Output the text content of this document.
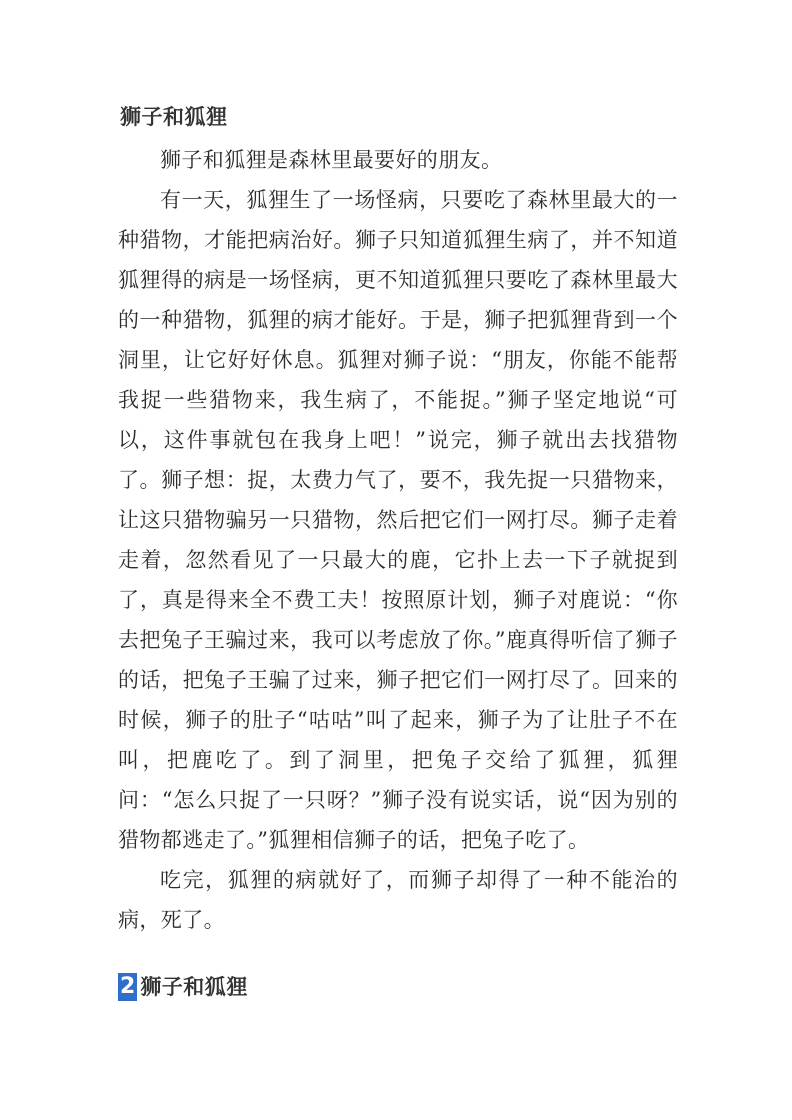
狮子和狐狸

狮子和狐狸是森林里最要好的朋友。

有一天，狐狸生了一场怪病，只要吃了森林里最大的一种猎物，才能把病治好。狮子只知道狐狸生病了，并不知道狐狸得的病是一场怪病，更不知道狐狸只要吃了森林里最大的一种猎物，狐狸的病才能好。于是，狮子把狐狸背到一个洞里，让它好好休息。狐狸对狮子说：“朋友，你能不能帮我捉一些猎物来，我生病了，不能捉。”狮子坚定地说“可以，这件事就包在我身上吧！”说完，狮子就出去找猎物了。狮子想：捉，太费力气了，要不，我先捉一只猎物来，让这只猎物骗另一只猎物，然后把它们一网打尽。狮子走着走着，忽然看见了一只最大的鹿，它扑上去一下子就捉到了，真是得来全不费工夫！按照原计划，狮子对鹿说：“你去把兔子王骗过来，我可以考虑放了你。”鹿真得听信了狮子的话，把兔子王骗了过来，狮子把它们一网打尽了。回来的时候，狮子的肚子“咕咕”叫了起来，狮子为了让肚子不在叫，把鹿吃了。到了洞里，把兔子交给了狐狸，狐狸问：“怎么只捉了一只呀？”狮子没有说实话，说“因为别的猎物都逃走了。”狐狸相信狮子的话，把兔子吃了。

吃完，狐狸的病就好了，而狮子却得了一种不能治的病，死了。

2 狮子和狐狸
